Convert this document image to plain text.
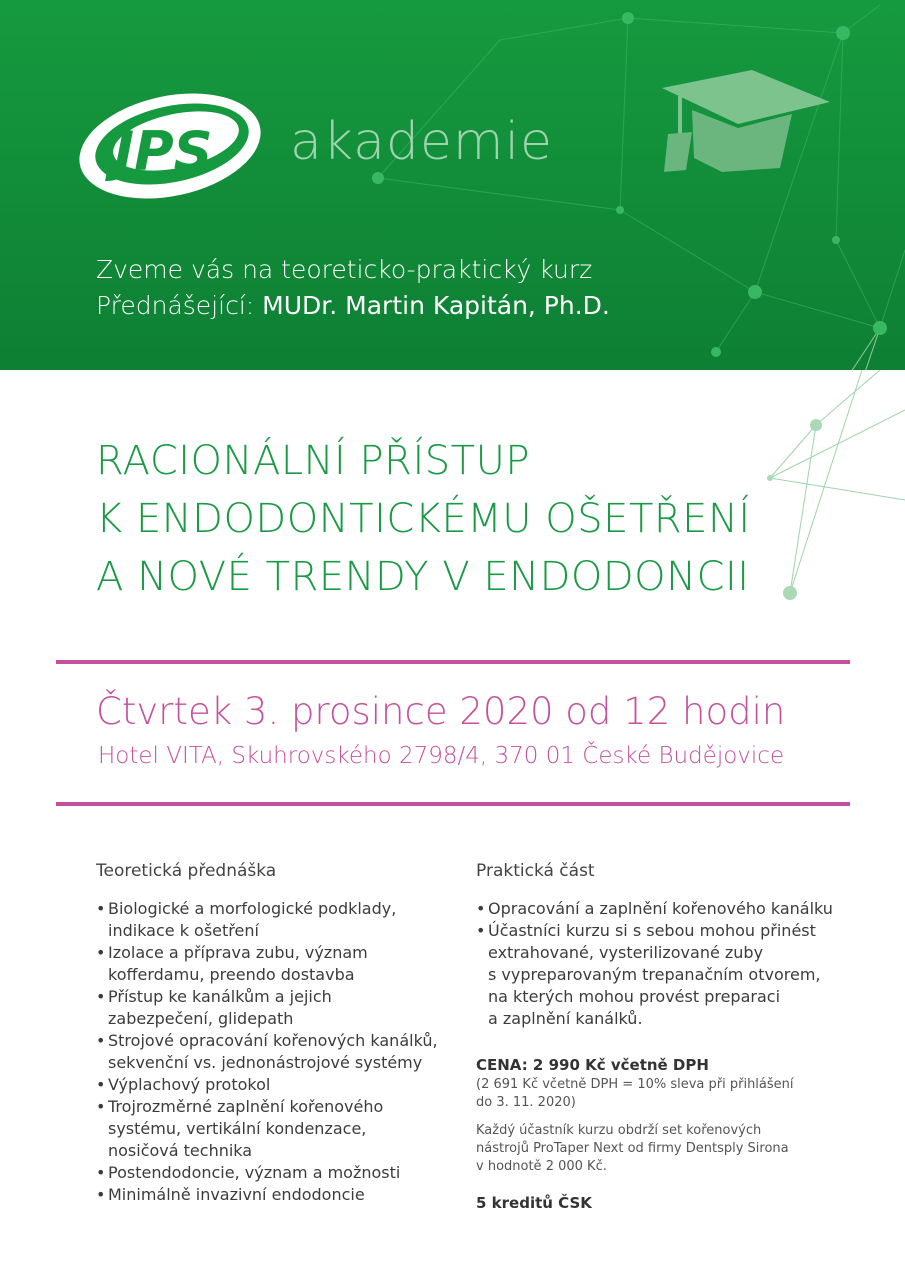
JPS akademie
Zveme vás na teoreticko-praktický kurz
Přednášející: MUDr. Martin Kapitán, Ph.D.
RACIONÁLNÍ PŘÍSTUP
K ENDODONTICKÉMU OŠETŘENÍ
A NOVÉ TRENDY V ENDODONCII
Čtvrtek 3. prosince 2020 od 12 hodin
Hotel VITA, Skuhrovského 2798/4, 370 01 České Budějovice
Teoretická přednáška
• Biologické a morfologické podklady,
indikace k ošetření
• Izolace a příprava zubu, význam
kofferdamu, preendo dostavba
• Přístup ke kanálkům a jejich
zabezpečení, glidepath
• Strojové opracování kořenových kanálků,
sekvenční vs. jednonástrojové systémy
• Výplachový protokol
• Trojrozměrné zaplnění kořenového
systému, vertikální kondenzace,
nosičová technika
• Postendodoncie, význam a možnosti
• Minimálně invazivní endodoncie
Praktická část
• Opracování a zaplnění kořenového kanálku
• Účastníci kurzu si s sebou mohou přinést
extrahované, vysterilizované zuby
s vypreparovaným trepanačním otvorem,
na kterých mohou provést preparaci
a zaplnění kanálků.

CENA: 2 990 Kč včetně DPH

(2 691 Kč včetně DPH = 10% sleva při přihlášení
do 3. 11. 2020)

Každý účastník kurzu obdrží set kořenových
nástrojů ProTaper Next od firmy Dentsply Sirona
v hodnotě 2 000 Kč.

5 kreditů ČSK
